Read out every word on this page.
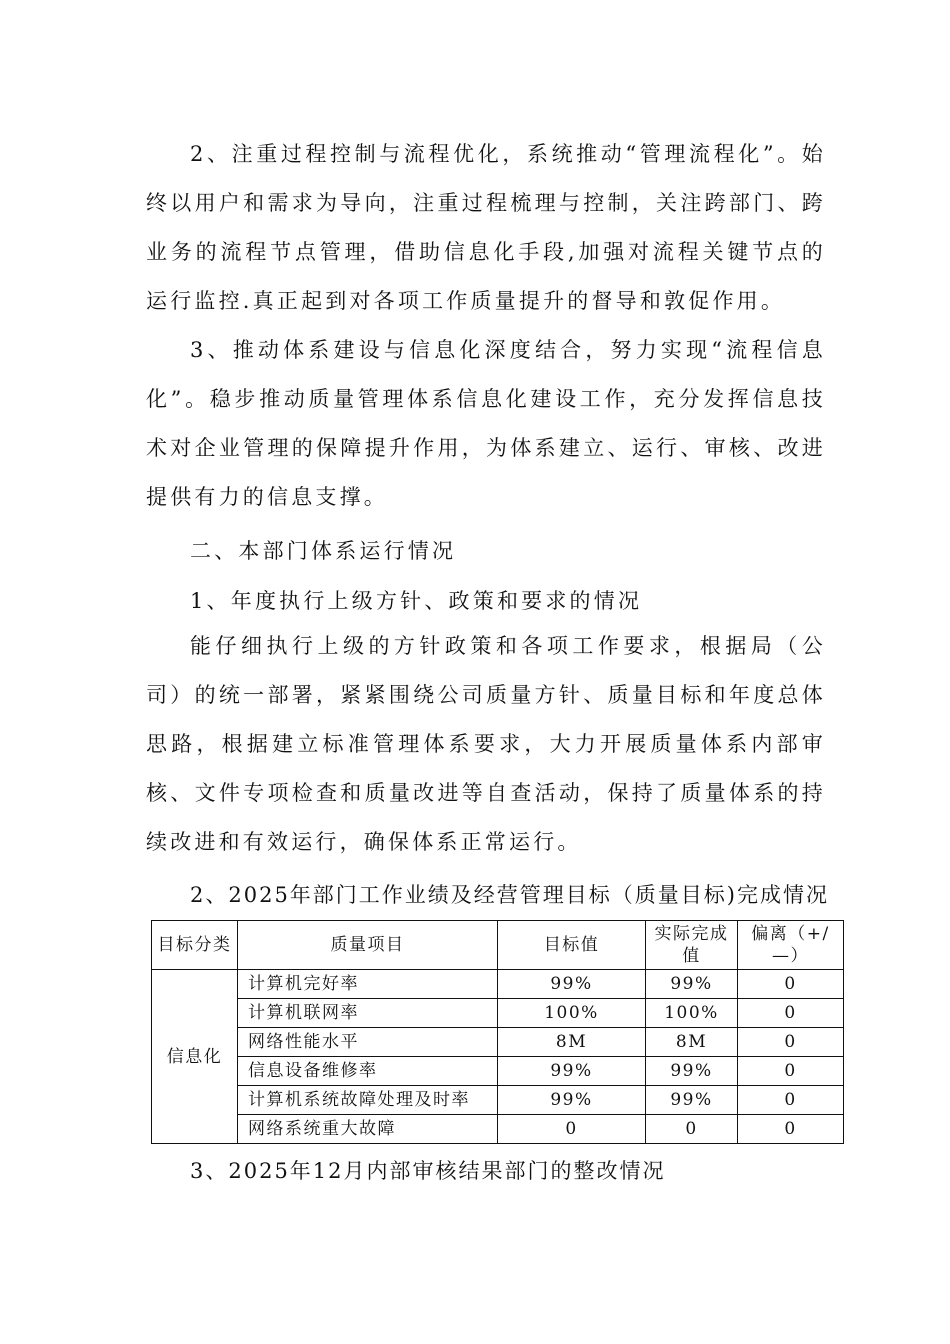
2、注重过程控制与流程优化，系统推动“管理流程化”。始终以用户和需求为导向，注重过程梳理与控制，关注跨部门、跨业务的流程节点管理，借助信息化手段,加强对流程关键节点的运行监控.真正起到对各项工作质量提升的督导和敦促作用。

3、推动体系建设与信息化深度结合，努力实现“流程信息化”。稳步推动质量管理体系信息化建设工作，充分发挥信息技术对企业管理的保障提升作用，为体系建立、运行、审核、改进提供有力的信息支撑。

二、本部门体系运行情况
1、年度执行上级方针、政策和要求的情况

能仔细执行上级的方针政策和各项工作要求，根据局（公司）的统一部署，紧紧围绕公司质量方针、质量目标和年度总体思路，根据建立标准管理体系要求，大力开展质量体系内部审核、文件专项检查和质量改进等自查活动，保持了质量体系的持续改进和有效运行，确保体系正常运行。

2、2025年部门工作业绩及经营管理目标（质量目标)完成情况
目标分类	质量项目	目标值	实际完成值	偏离（+/—）
信息化	计算机完好率	99%	99%	0
	计算机联网率	100%	100%	0
	网络性能水平	8M	8M	0
	信息设备维修率	99%	99%	0
	计算机系统故障处理及时率	99%	99%	0
	网络系统重大故障	0	0	0
3、2025年12月内部审核结果部门的整改情况
